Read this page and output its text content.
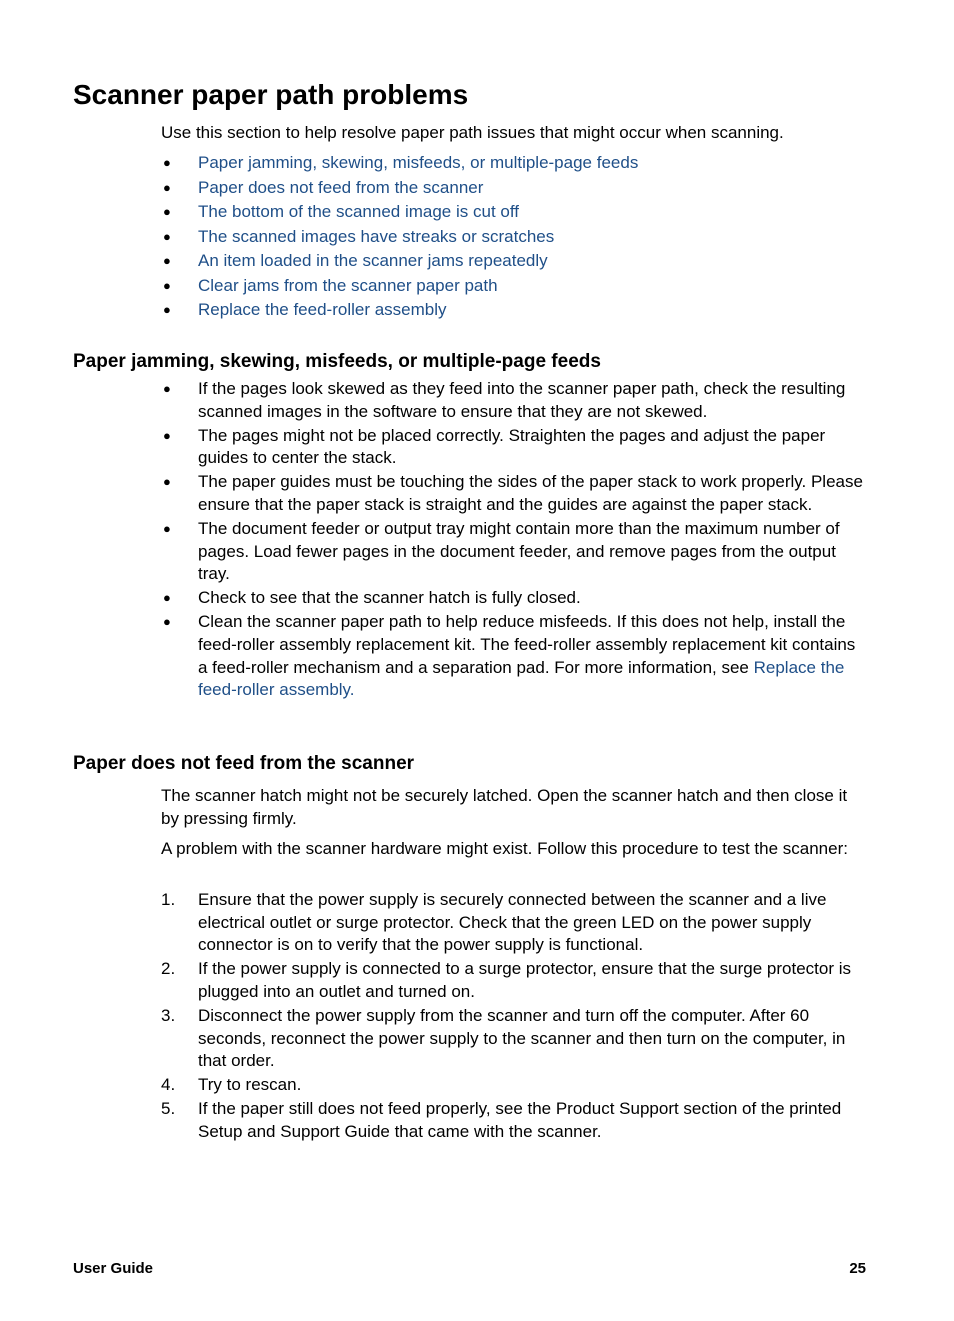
Scanner paper path problems

Use this section to help resolve paper path issues that might occur when scanning.

● Paper jamming, skewing, misfeeds, or multiple-page feeds
● Paper does not feed from the scanner
● The bottom of the scanned image is cut off
● The scanned images have streaks or scratches
● An item loaded in the scanner jams repeatedly
● Clear jams from the scanner paper path
● Replace the feed-roller assembly
Paper jamming, skewing, misfeeds, or multiple-page feeds
● If the pages look skewed as they feed into the scanner paper path, check the resulting scanned images in the software to ensure that they are not skewed.
● The pages might not be placed correctly. Straighten the pages and adjust the paper guides to center the stack.
● The paper guides must be touching the sides of the paper stack to work properly. Please ensure that the paper stack is straight and the guides are against the paper stack.
● The document feeder or output tray might contain more than the maximum number of pages. Load fewer pages in the document feeder, and remove pages from the output tray.
● Check to see that the scanner hatch is fully closed.
● Clean the scanner paper path to help reduce misfeeds. If this does not help, install the feed-roller assembly replacement kit. The feed-roller assembly replacement kit contains a feed-roller mechanism and a separation pad. For more information, see Replace the feed-roller assembly.
Paper does not feed from the scanner

The scanner hatch might not be securely latched. Open the scanner hatch and then close it by pressing firmly.

A problem with the scanner hardware might exist. Follow this procedure to test the scanner:

1. Ensure that the power supply is securely connected between the scanner and a live electrical outlet or surge protector. Check that the green LED on the power supply connector is on to verify that the power supply is functional.
2. If the power supply is connected to a surge protector, ensure that the surge protector is plugged into an outlet and turned on.
3. Disconnect the power supply from the scanner and turn off the computer. After 60 seconds, reconnect the power supply to the scanner and then turn on the computer, in that order.
4. Try to rescan.
5. If the paper still does not feed properly, see the Product Support section of the printed Setup and Support Guide that came with the scanner.
User Guide	25
